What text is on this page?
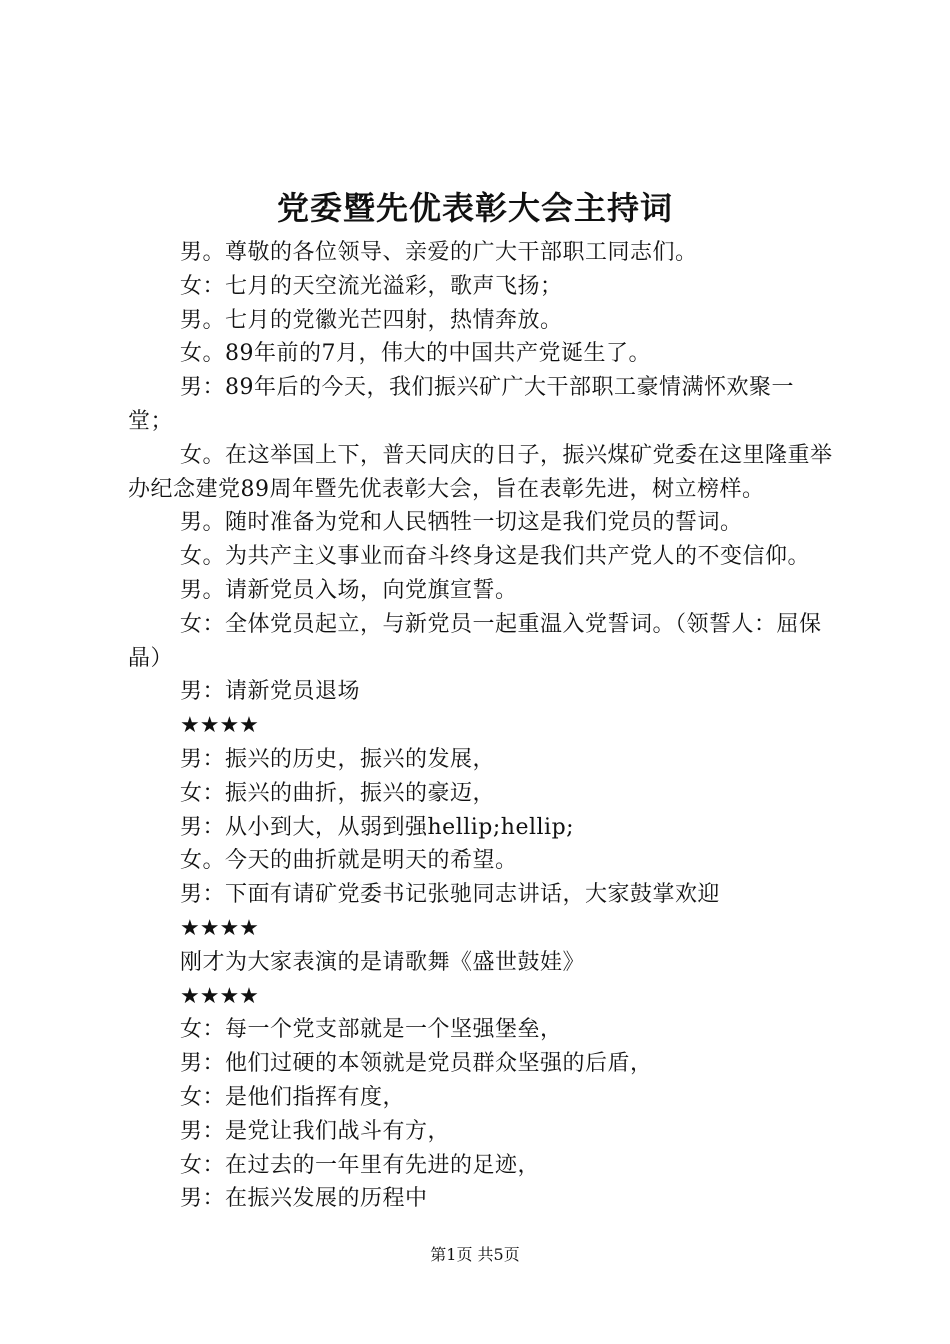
党委暨先优表彰大会主持词

男。尊敬的各位领导、亲爱的广大干部职工同志们。

女：七月的天空流光溢彩，歌声飞扬；

男。七月的党徽光芒四射，热情奔放。

女。89年前的7月，伟大的中国共产党诞生了。

男：89年后的今天，我们振兴矿广大干部职工豪情满怀欢聚一堂；

女。在这举国上下，普天同庆的日子，振兴煤矿党委在这里隆重举办纪念建党89周年暨先优表彰大会，旨在表彰先进，树立榜样。

男。随时准备为党和人民牺牲一切这是我们党员的誓词。

女。为共产主义事业而奋斗终身这是我们共产党人的不变信仰。

男。请新党员入场，向党旗宣誓。

女：全体党员起立，与新党员一起重温入党誓词。（领誓人：屈保晶）

男：请新党员退场

★★★★

男：振兴的历史，振兴的发展，

女：振兴的曲折，振兴的豪迈，

男：从小到大，从弱到强hellip;hellip;

女。今天的曲折就是明天的希望。

男：下面有请矿党委书记张驰同志讲话，大家鼓掌欢迎

★★★★

刚才为大家表演的是请歌舞《盛世鼓娃》

★★★★

女：每一个党支部就是一个坚强堡垒，

男：他们过硬的本领就是党员群众坚强的后盾，

女：是他们指挥有度，

男：是党让我们战斗有方，

女：在过去的一年里有先进的足迹，

男：在振兴发展的历程中

第1页 共5页
